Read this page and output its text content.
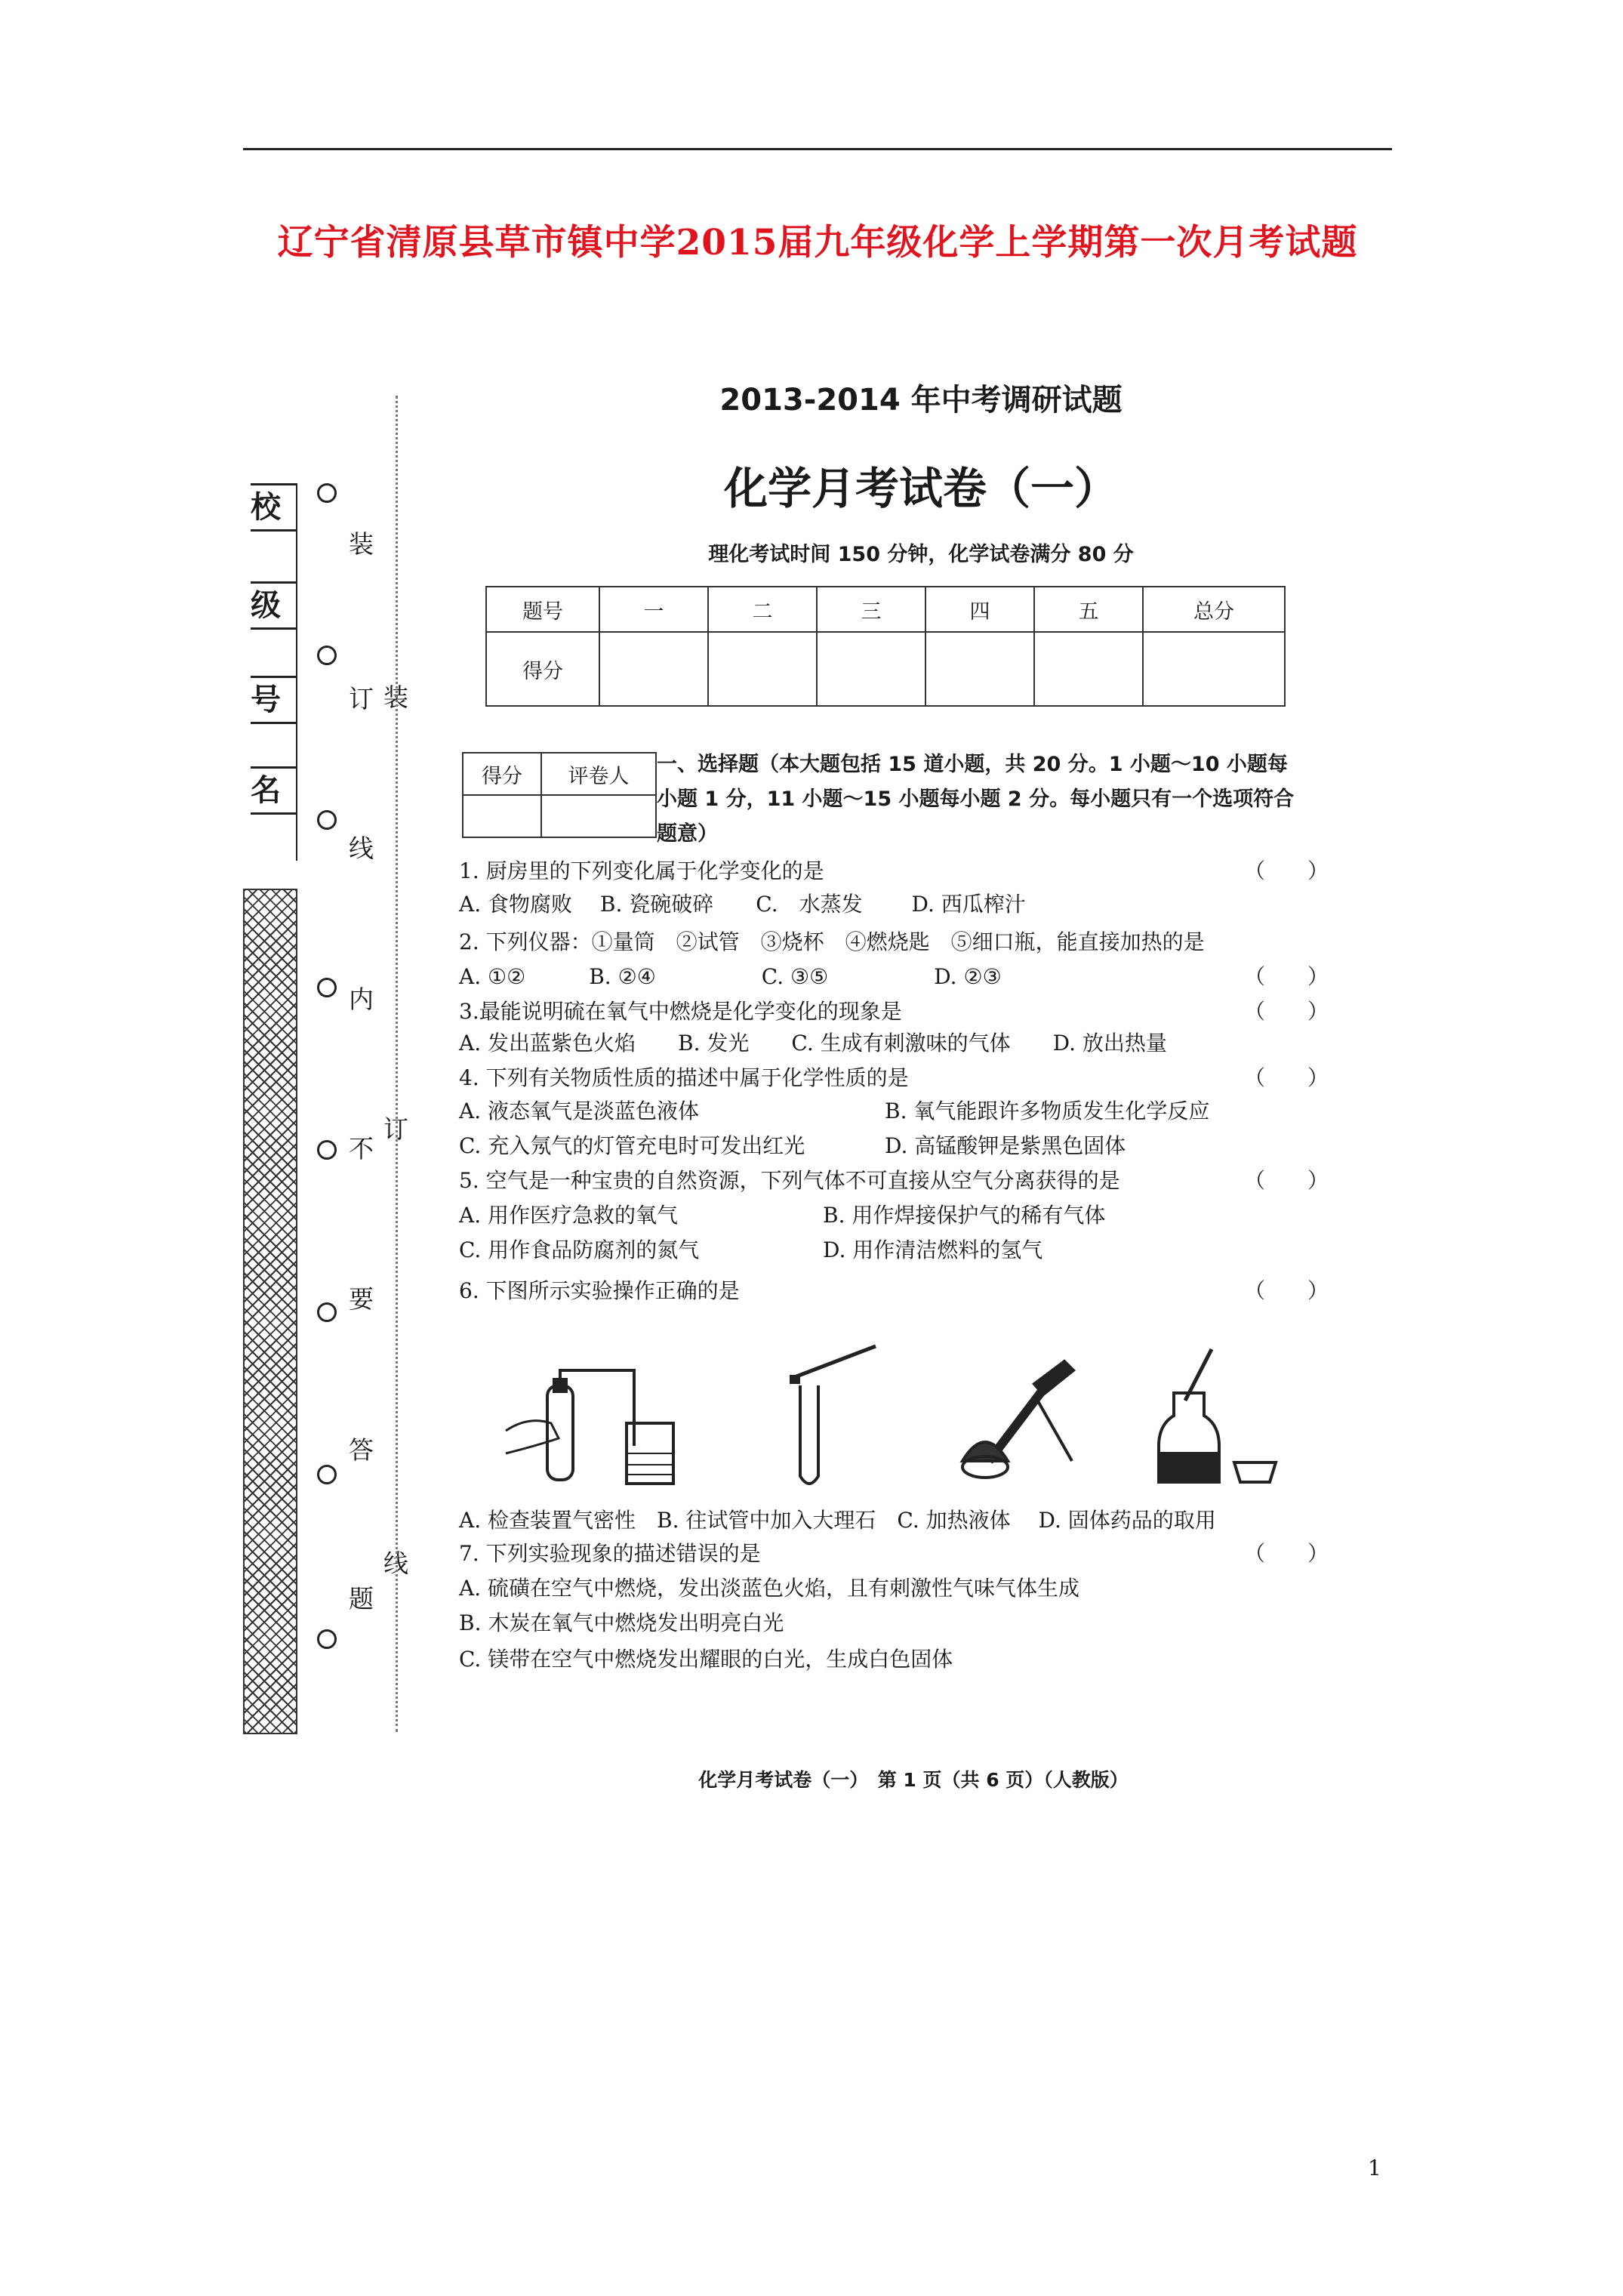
辽宁省清原县草市镇中学2015届九年级化学上学期第一次月考试题
校
级
号
名
装
订
线
内
不
要
答
题
装
订
线
2013-2014 年中考调研试题
化学月考试卷（一）
理化考试时间 150 分钟，化学试卷满分 80 分
题号	一	二	三	四	五	总分
得分						
得分	评卷人
	一、选择题（本大题包括 15 道小题，共 20 分。1 小题～10 小题每
小题 1 分，11 小题～15 小题每小题 2 分。每小题只有一个选项符合
题意）
1. 厨房里的下列变化属于化学变化的是	（　　）
A. 食物腐败　 B. 瓷碗破碎　　C.　水蒸发　　 D. 西瓜榨汁
2. 下列仪器：①量筒　②试管　③烧杯　④燃烧匙　⑤细口瓶，能直接加热的是
A. ①②　　　B. ②④　　　　　C. ③⑤　　　　　D. ②③	（　　）
3.最能说明硫在氧气中燃烧是化学变化的现象是	（　　）
A. 发出蓝紫色火焰　　B. 发光　　C. 生成有刺激味的气体　　D. 放出热量
4. 下列有关物质性质的描述中属于化学性质的是	（　　）
A. 液态氧气是淡蓝色液体	B. 氧气能跟许多物质发生化学反应
C. 充入氖气的灯管充电时可发出红光	D. 高锰酸钾是紫黑色固体
5. 空气是一种宝贵的自然资源，下列气体不可直接从空气分离获得的是	（　　）
A. 用作医疗急救的氧气	B. 用作焊接保护气的稀有气体
C. 用作食品防腐剂的氮气	D. 用作清洁燃料的氢气
6. 下图所示实验操作正确的是	（　　）
A. 检查装置气密性　B. 往试管中加入大理石　C. 加热液体　 D. 固体药品的取用
7. 下列实验现象的描述错误的是	（　　）
A. 硫磺在空气中燃烧，发出淡蓝色火焰，且有刺激性气味气体生成
B. 木炭在氧气中燃烧发出明亮白光
C. 镁带在空气中燃烧发出耀眼的白光，生成白色固体
化学月考试卷（一）　第 1 页（共 6 页）（人教版）
1
